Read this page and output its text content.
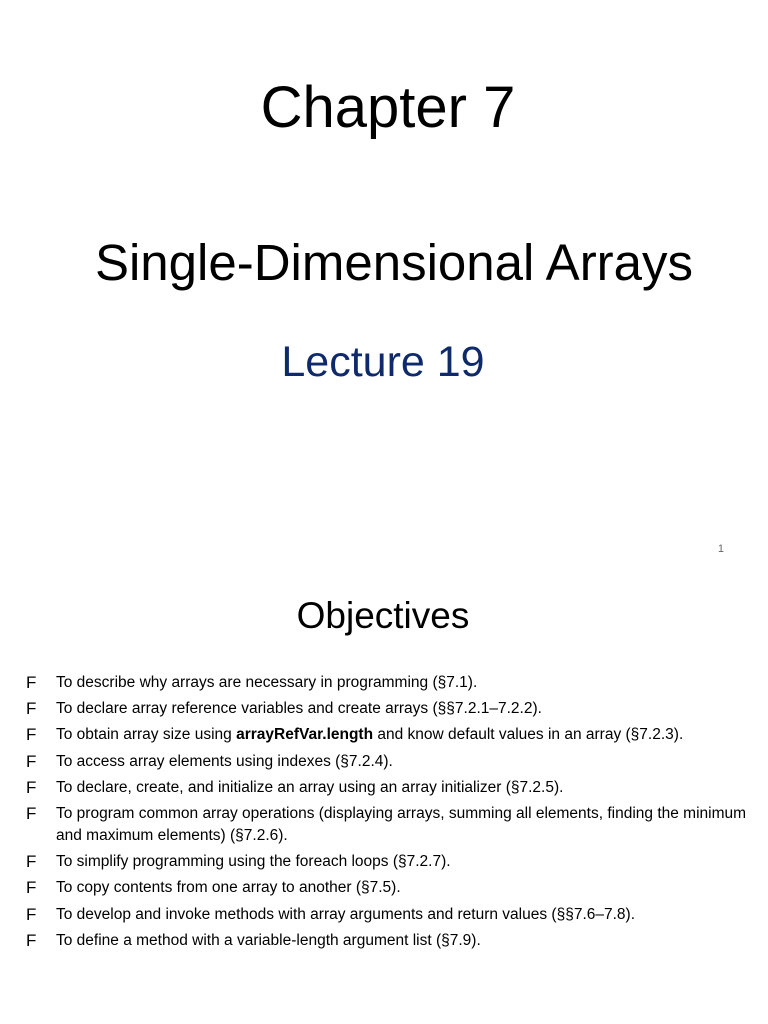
Chapter 7
Single-Dimensional Arrays
Lecture 19
1
Objectives
F	To describe why arrays are necessary in programming (§7.1).
F	To declare array reference variables and create arrays (§§7.2.1–7.2.2).
F	To obtain array size using arrayRefVar.length and know default values in an array (§7.2.3).
F	To access array elements using indexes (§7.2.4).
F	To declare, create, and initialize an array using an array initializer (§7.2.5).
F	To program common array operations (displaying arrays, summing all elements, finding the minimum and maximum elements) (§7.2.6).
F	To simplify programming using the foreach loops (§7.2.7).
F	To copy contents from one array to another (§7.5).
F	To develop and invoke methods with array arguments and return values (§§7.6–7.8).
F	To define a method with a variable-length argument list (§7.9).
